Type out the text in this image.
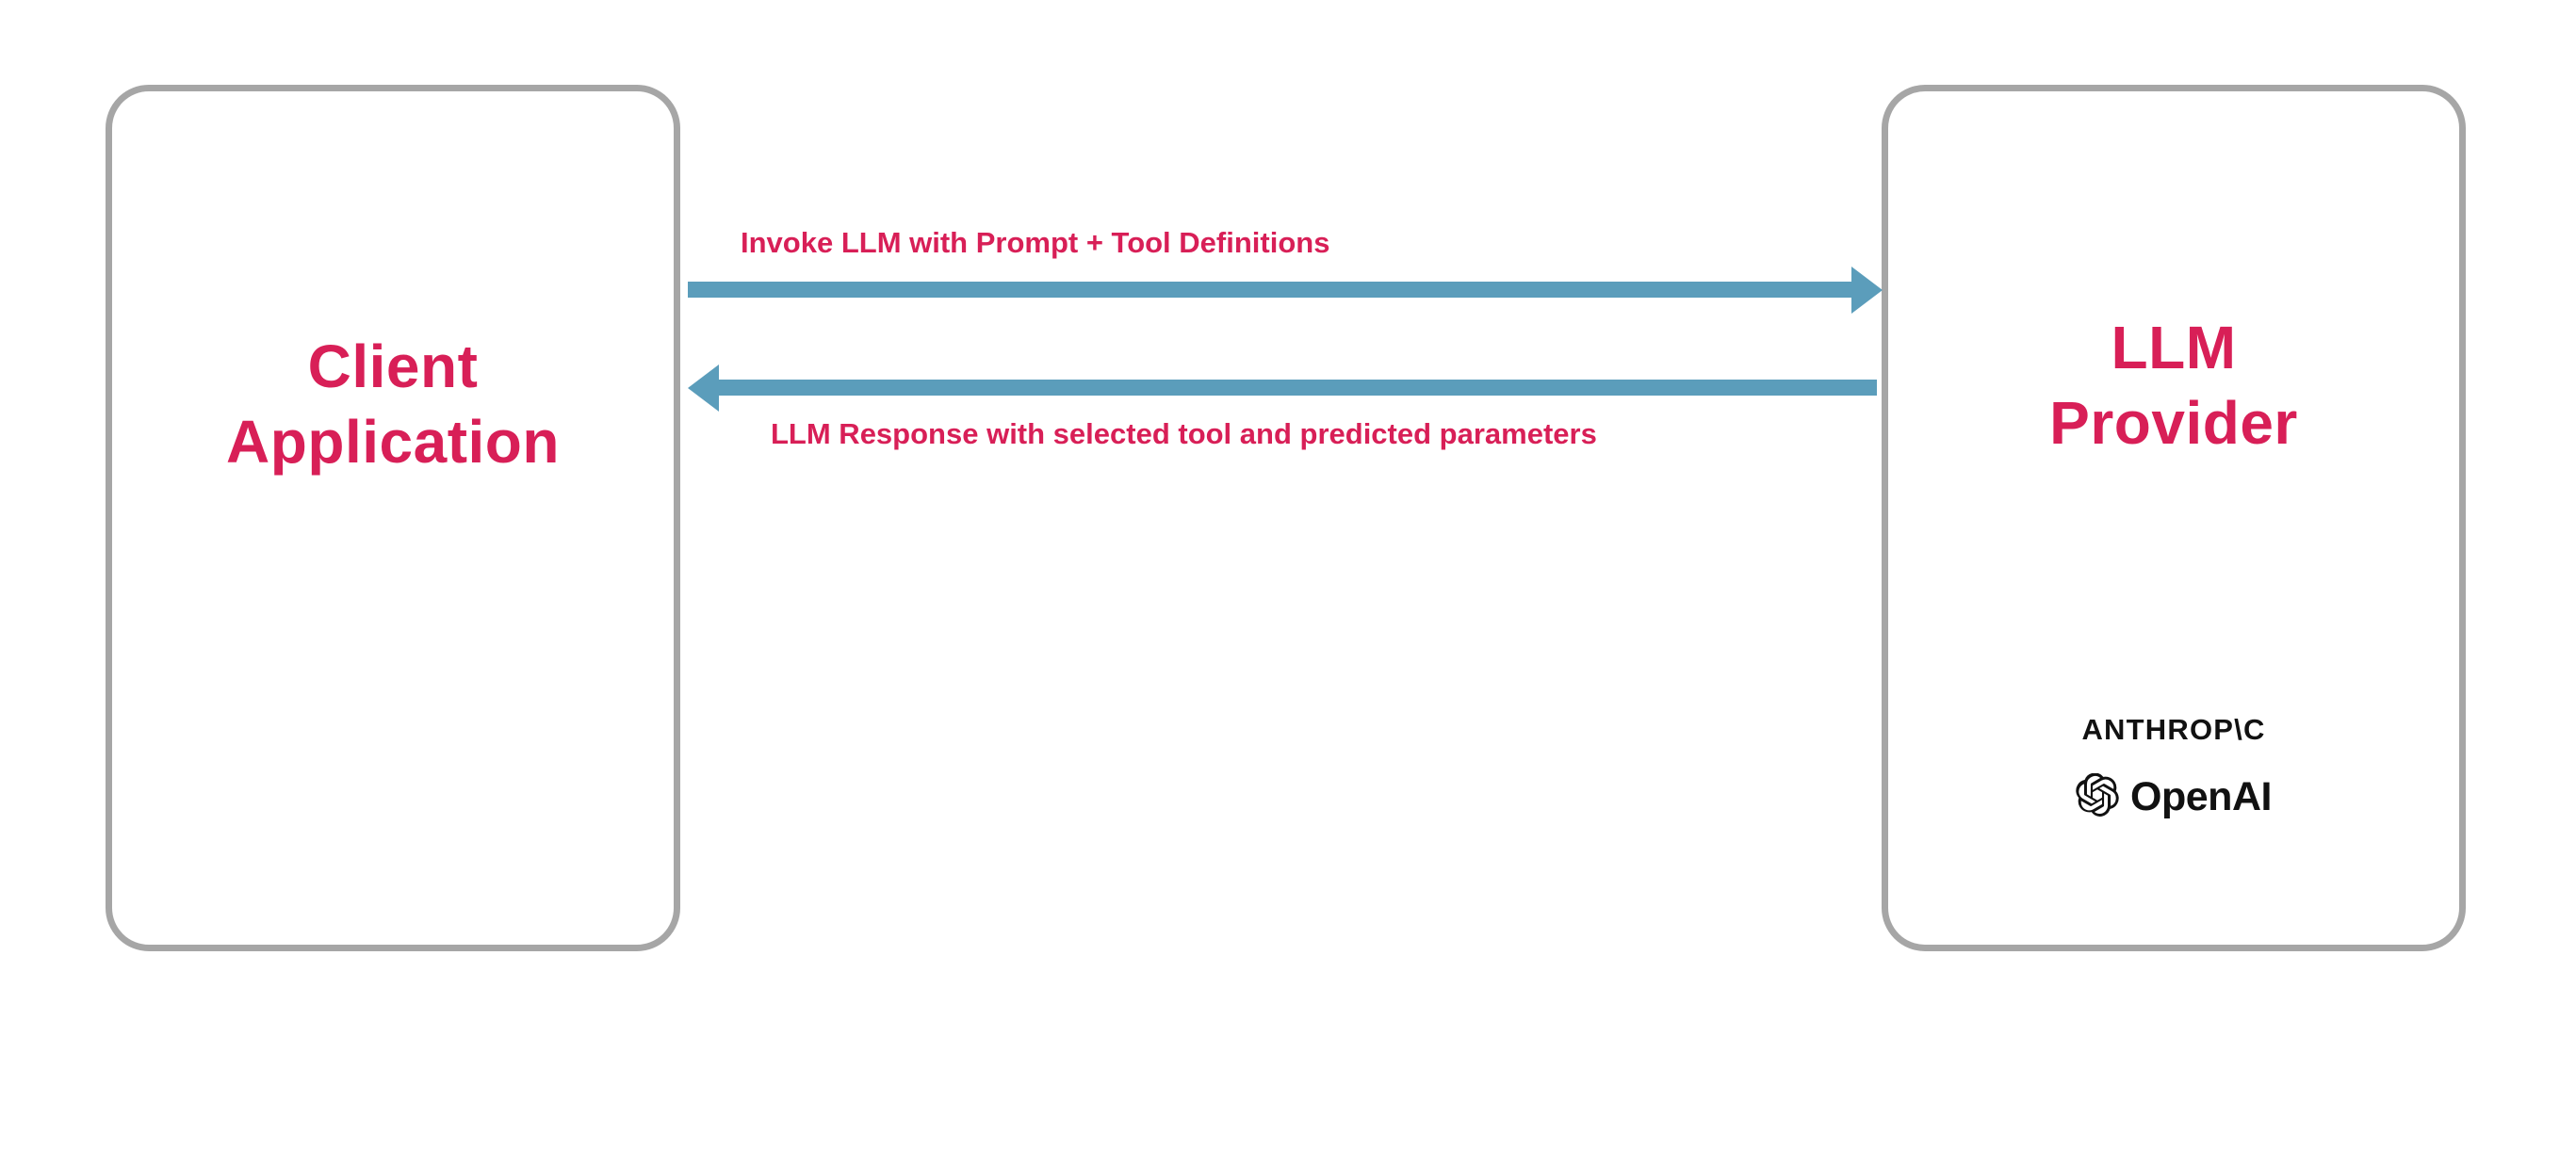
Client
Application
LLM
Provider
ANTHROP\C
OpenAI
Invoke LLM with Prompt + Tool Definitions
LLM Response with selected tool and predicted parameters
